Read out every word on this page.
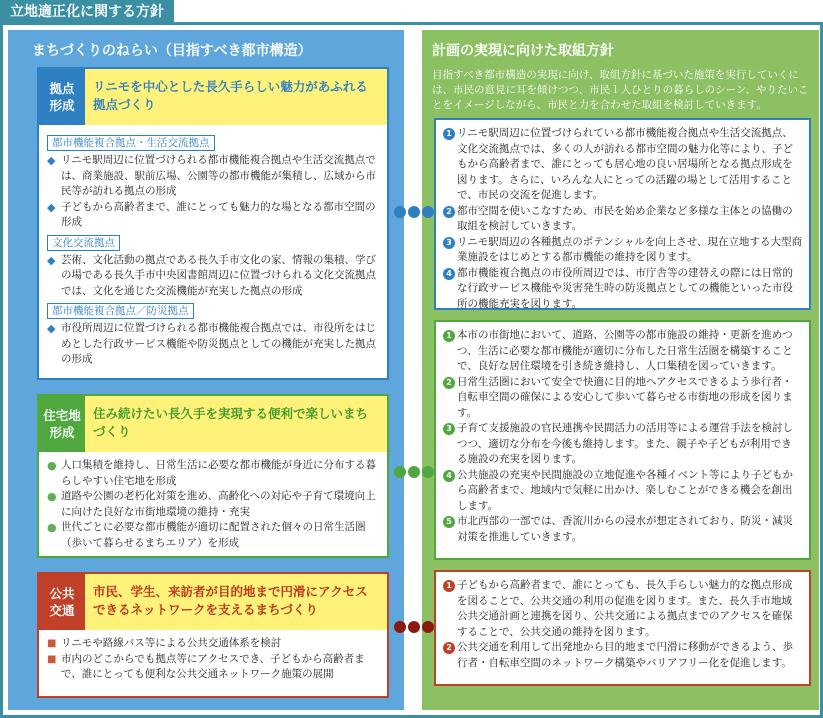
立地適正化に関する方針
まちづくりのねらい（目指すべき都市構造）
拠点
形成
リニモを中心とした長久手らしい魅力があふれる拠点づくり
都市機能複合拠点・生活交流拠点
◆ リニモ駅周辺に位置づけられる都市機能複合拠点や生活交流拠点では、商業施設、駅前広場、公園等の都市機能が集積し、広域から市民等が訪れる拠点の形成
◆ 子どもから高齢者まで、誰にとっても魅力的な場となる都市空間の形成
文化交流拠点
◆ 芸術、文化活動の拠点である長久手市文化の家、情報の集積、学びの場である長久手市中央図書館周辺に位置づけられる文化交流拠点では、文化を通じた交流機能が充実した拠点の形成
都市機能複合拠点／防災拠点
◆ 市役所周辺に位置づけられる都市機能複合拠点では、市役所をはじめとした行政サービス機能や防災拠点としての機能が充実した拠点の形成
住宅地
形成
住み続けたい長久手を実現する便利で楽しいまちづくり
● 人口集積を維持し、日常生活に必要な都市機能が身近に分布する暮らしやすい住宅地を形成
● 道路や公園の老朽化対策を進め、高齢化への対応や子育て環境向上に向けた良好な市街地環境の維持・充実
● 世代ごとに必要な都市機能が適切に配置された個々の日常生活圏（歩いて暮らせるまちエリア）を形成
公共
交通
市民、学生、来訪者が目的地まで円滑にアクセスできるネットワークを支えるまちづくり
■ リニモや路線バス等による公共交通体系を検討
■ 市内のどこからでも拠点等にアクセスでき、子どもから高齢者まで、誰にとっても便利な公共交通ネットワーク施策の展開
計画の実現に向けた取組方針
目指すべき都市構造の実現に向け、取組方針に基づいた施策を実行していくには、市民の意見に耳を傾けつつ、市民１人ひとりの暮らしのシーン、やりたいことをイメージしながら、市民と力を合わせた取組を検討していきます。
1 リニモ駅周辺に位置づけられている都市機能複合拠点や生活交流拠点、文化交流拠点では、多くの人が訪れる都市空間の魅力化等により、子どもから高齢者まで、誰にとっても居心地の良い居場所となる拠点形成を図ります。さらに、いろんな人にとっての活躍の場として活用することで、市民の交流を促進します。
2 都市空間を使いこなすため、市民を始め企業など多様な主体との協働の取組を検討していきます。
3 リニモ駅周辺の各種拠点のポテンシャルを向上させ、現在立地する大型商業施設をはじめとする都市機能の維持を図ります。
4 都市機能複合拠点の市役所周辺では、市庁舎等の建替えの際には日常的な行政サービス機能や災害発生時の防災拠点としての機能といった市役所の機能充実を図ります。
1 本市の市街地において、道路、公園等の都市施設の維持・更新を進めつつ、生活に必要な都市機能が適切に分布した日常生活圏を構築することで、良好な居住環境を引き続き維持し、人口集積を図っていきます。
2 日常生活圏において安全で快適に目的地へアクセスできるよう歩行者・自転車空間の確保による安心して歩いて暮らせる市街地の形成を図ります。
3 子育て支援施設の官民連携や民間活力の活用等による運営手法を検討しつつ、適切な分布を今後も維持します。また、親子や子どもが利用できる施設の充実を図ります。
4 公共施設の充実や民間施設の立地促進や各種イベント等により子どもから高齢者まで、地域内で気軽に出かけ、楽しむことができる機会を創出します。
5 市北西部の一部では、香流川からの浸水が想定されており、防災・減災対策を推進していきます。
1 子どもから高齢者まで、誰にとっても、長久手らしい魅力的な拠点形成を図ることで、公共交通の利用の促進を図ります。また、長久手市地域公共交通計画と連携を図り、公共交通による拠点までのアクセスを確保することで、公共交通の維持を図ります。
2 公共交通を利用して出発地から目的地まで円滑に移動ができるよう、歩行者・自転車空間のネットワーク構築やバリアフリー化を促進します。
